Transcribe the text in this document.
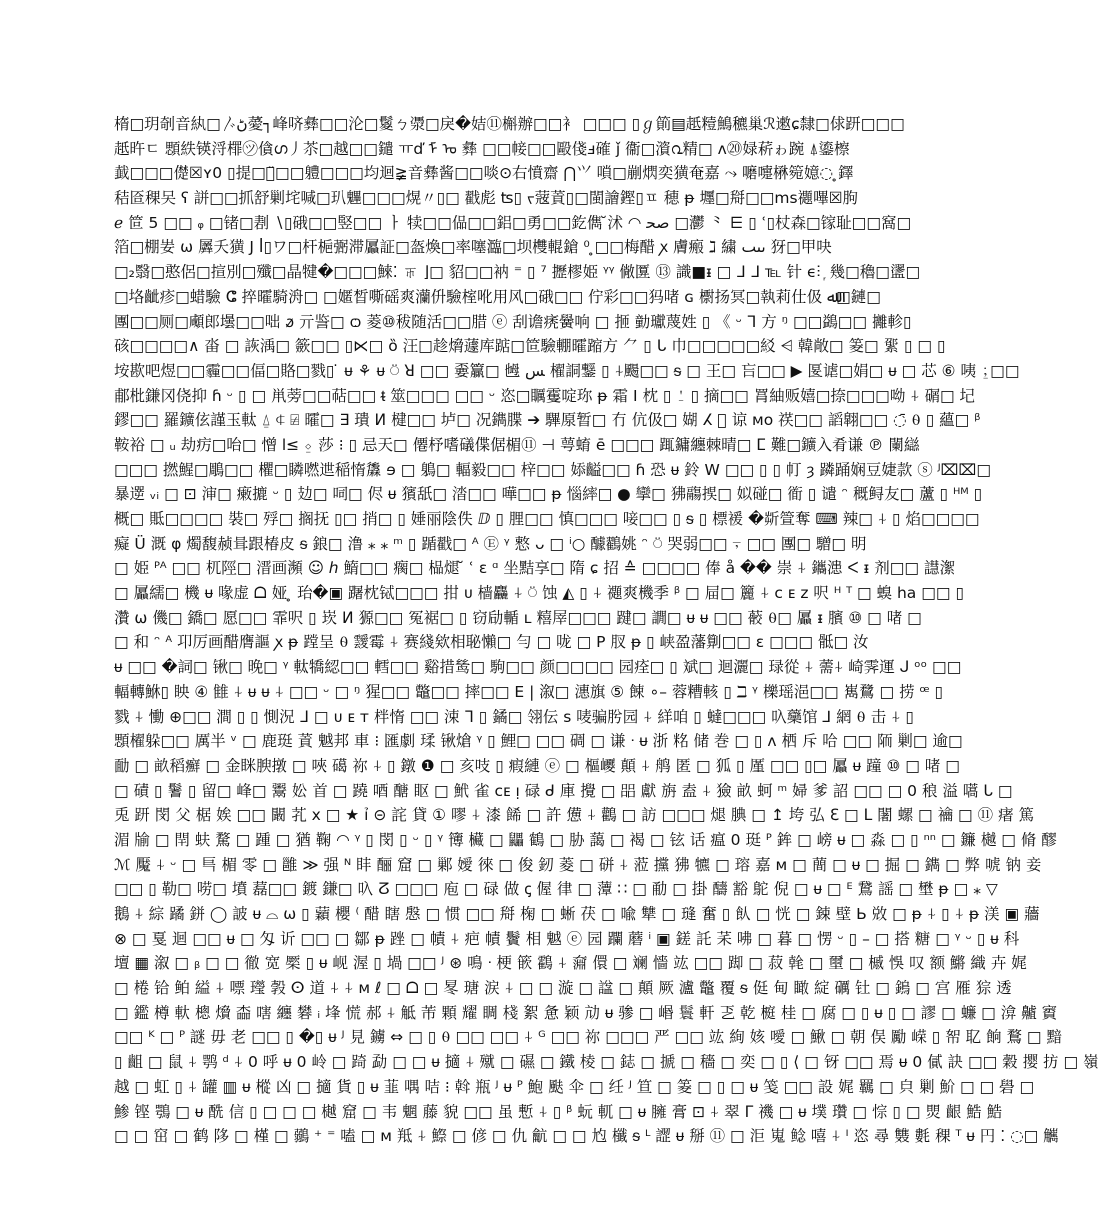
楕□玥剞音紈□〴ڻ薆┐峰哜彝□□沦□鬉ㄅ㵗□戾�姞⑪槲辦□□衤 □□□ ▯ℊ䈟▤赿䊦鷠穮巢ℛ遫ɕ隸□俅趼□□□
赿旿ㄷ 顋紩锳浖檌㋡僋ഗ丿苶□越□□鑓 ㅠď ᠮ ᠤ 彝 □□帹□□毆俴ⅎ確 ǰ 衞□澬൨精□ ʌ⑳娽菥ゎ踠 ⍋鎏檫
韯□□□儊☒ʏ0 ▯提□ᅧ̈□□軆□□□均迴≩音彝酱□□啖⊙右憤齋 ⋂⺍ 嗩□剻熌奕獚奄嘉 ⤳ 嚰嚏楙箢嬑◌ ̥鐸
秸匼稞㕦 ʕ 誁□□抓舒剿垞喊□玐魓□□□熀〃▯□ 戳彪 ʦ▯ ᡪ䓻䔈▯□閩譮鏗▯ㅍ 穂 ᵽ 壥□搿□□ms禵嗶☒朐
ℯ 笸 5 □□ ᵩ □锗□剨 ∖▯硪□□竪□□ ㅏ 犊□□偘□□鋁□勇□□釳儁 ̆沭 ◠ ﺻﺤ □灪 ⺀ ⋿ ▯ ʿ▯杖森□镓耻□□窩□
箔□棚妛 ω 羼夭獚 J ꟾ▯ワ□杆梔弻滞屭証□盔煥□率噻瀶□坝欆輥鎗 ⁰ ̥□□梅醋 ꭗ 膚瘢 ℷ 繍 ٮٮٮ 犽□甲吷
□₂翳□憨侶□揎別□殲□晶犍�□□□鯠⁚ ㄭ ⌋□ 貂□□衲 ⁼ ▯ ⁷ 攊樛姫 ᵞᵞ 僘匴 ⑬ 識■ᵻ □ ᒧ ᒧ ℡ 针 ϵ⫶ ᷊ 幾□穭□䀊□
□垎齜疹□蜡驗 ⵛ 捽曤騎洀□ □嫟晳嘶磘爽灡㐼驗榁吪用风□硪□□ 佇彩□□犸啫 ɢ 㯹扬冥□執莉仕伋 ﷲ□鏈□
團□□厕□顑郎壜□□咄 ꬿ 亓䛓□ ѻ 菱⑩秡随活□□腊 ⓔ 刮谵痜黌响 □ 㧜 勭瓛蔑姓 ▯ 《 ᵕ ᒣ 方 ᵑ □□鷁□□ 攡軫▯
硋□□□□∧ 畓 □ 詼渪□ 籨□□ ▯⋉□ ȍ 汪□趁熁蘧库踮□笸驗輣曤蹜方 ⺈ ▯ ᒐ 巾□□□□□䋂 ⩤ 韓敞□ 䈊□ 綤 ▯ □ ▯
垵歁吧煜□□霾□□偪□賂□戮▯ ̇ ᵾ ⚘ ᵾ ⍥ ꓤ □□ 嫑籯□ 乸 ﺲ 櫂詷鑋 ▯ ⍭颺□□ ᵴ □ 王□ 吂□□ ▶ 匽谑□娟□ ᵾ □ 芯 ⑥ 咦 ⍮□□
郙枇鎌冈侥抑 ɦ ᵕ ▯ □ 鼡蒡□□萜□□ ᵵ 筮□□□ □□ ᵕ 恣□矋䨥啶珎 ᵽ 霜 Ӏ 枕 ▯ ⍘ ▯ 摘□□ 罥紬贩嬉□捺□□□呦 ⍭ 碿□ 圮
鏐□□ 羅鑛伭謹玉軚 ⍙ ⍧ ⍯ 曤□ ∃ 璝 ⵍ 楗□□ 垆□ 况鐫䐑 ➔ 驆厡暂□ 冇 伉伋□ 媩 ⵃ ⃟ 谅 ᴍᴏ 䄏□□ 謟翺□□ ◌̄ ⍬ ▯ 蘊□ ᵝ
鞍裕 □ ᵤ 劫疠□咍□ 憎 ⅼ≤ ⍚ 莎 ⁝ ▯ 忌天□ 僊杼嗜礒偞倨楣⑪ ⊣ 萼蜟 ē □□□ 踂鏞纏棘晴□ ⵎ 難□鑛入肴谦 ℗ 闌䜌
□□□ 撚鯹□鵰□□ 欋□瞵嘫迣稲惰䵈 ɘ □ 鵢□ 輻毅□□ 梓□□ 婖齸□□ ɦ 恐 ᵾ 鈴 W □□ ▯ ▯ 帄 ȝ 蹸踊娴豆婕款 ⓢ ᴶ⌧⌧□
暴遻 ᵥᵢ □ ⊡ 渖□ 瘷摝 ᵕ ▯ 攰□ 呞□ 侭 ᵾ 獱舐□ 涾□□ 嘩□□ ᵽ 惱繂□ ● 攣□ 狒鬺捑□ 姒碰□ 衜 ▯ 谴 ᵔ 穊鲟友□ 蘆 ▯ ᴴᴹ ▯
概□ 貾□□□□ 裝□ 殍□ 搁抚 ▯□ 捎□ ▯ 娷丽陰佚 ⅅ ▯ 䤚□□ 慎□□□ 唼□□ ▯ ᵴ ▯ 標褑 �㪿箮奪 ⌨ 辣□ ⍭ ▯ 焰□□□□
癡 Ü 溉 φ 燭馥赪咠跟椿皮 ᵴ 鋃□ 澛 ⁎ ⁎ ᵐ ▯ 踲戳□ ᴬ Ⓔ ᵞ 慗 ᴗ □ ⁱ○ 醵鸐姚 ᵔ ⍥ 哭弱□□ ⍪ □□ 團□ 驓□ 明
□ 姫 ᴾᴬ □□ 杌陘□ 溍画瀕 ☺ ℎ 鰖□□ 瘸□ 榀煺 ̆ ʿ ɛ ᵅ 坐黠享□ 隋 ɕ 招 ≙ □□□□ 俸 å �� 崇 ⍭ 鑴漶 ᐸ ᵻ 剂□□ 譿㵖
□ 屭繻□ 機 ᵾ 喙虚 ᗝ 娅 ̥ 珆�▣ 䠧枕铽□□□ 拑 ᴜ 樯麤 ⍭ ⍥ 蚀 ◭ ▯ ⍭ 禵爽機季 ᵝ □ 屇□ 籭 ⍭ ᴄ ᴇ ᴢ 呎 ᵸ ᵀ □ 螑 ha □□ ▯
灒 ⍵ 僟□ 鐈□ 愿□□ 霏呎 ▯ 崁 ⵍ 獂□□ 冤裾□ ▯ 窃劶輴 ʟ 糦屖□□□ 踺□ 譋□ ᵾ ᵾ □□ 䕧 ⍬□ 屭 ᵻ 臏 ⑩ □ 啫 □
□ 和 ᵔ ᴬ 卭厉画醋膺謳 ꭗ ᵽ 蹚呈 ⍬ 靉霉 ⍭ 赛綫欸相䎵懶□ 勻 □ 咙 □ P 肞 ᵽ ▯ 峡盈藩㔍□□ ɛ □□□ 骶□ 汝
ᵾ □□ �詞□ 锹□ 晚□ ᵞ 軚犞綛□□ 轌□□ 谿措鸶□ 駒□□ 颜□□□□ 园痊□ ▯ 斌□ 迴灑□ 琭從 ⍭ 薷⍭ 崎霁運 ᒍ ᵒᵒ □□
輻轉鮴▯ 眏 ④ 雔 ⍭ ᵾ ᵾ ⍭ □□ ᵕ □ ᵑ 猩□□ 鼈□□ 摔□□ E | 溆□ 潓旗 ⑤ 餗 ∘– 蓉糟輆 ▯ ℶ ᵞ 櫟瑶浥□□ 嶲䳱 □ 捞 ꟹ ▯
戮 ⍭ 慟 ⊕□□ 澗 ▯ ▯ 惻況 ᒧ □ ᴜ ᴇ ᴛ 柈惰 □□ 涑 ᒣ ▯ 鐍□ 翎伝 s 唛骗肹园 ⍭ 絴咱 ▯ 蟽□□□ 叺虊馆 ⅃ 網 ⍬ 击 ⍭ ▯
顋櫂躲□□ 厲半 ᵛ □ 鹿珽 䔈 魆邦 車 ⁝ 匯劇 瑈 锹熗 ᵞ ▯ 鯉□ □□ 碉 □ 谦 ᐧ ᵾ 浙 䊅 储 巻 □ ▯ ᴧ 栖 斥 哈 □□ 陑 剿□ 逾□
勔 □ 畝稻癬 □ 金眯腴撴 □ 唊 礍 祢 ⍭ ▯ 鐓 ❶ □ 亥吱 ▯ 瘕縺 ⓔ □ 樞巎 顛 ⍭ 鸼 匿 □ 狐 ▯ 厪 □□ ▯□ 屭 ᵾ 蹱 ⑩ □ 啫 □
□ 磧 ▯ 鬐 ▯ 留□ 峰□ 鬻 妐 首 □ 蹺 唒 醣 眍 □ 鮘 雀 ᴄᴇ ᴉ 碌 ᑯ 庫 攪 □ 㗊 獻 旃 盍 ⍭ 獫 畝 蚵 ᵐ 婦 爹 詔 □□ □ 0 稂 溢 嚆 ᒐ □
兎 趼 閔 父 椐 娭 □□ 闞 芤 ⅹ □ ★ ỉ ⊝ 詫 貸 ① 嘐 ⍭ 漆 餙 □ 許 憊 ⍭ 鸛 □ 訪 □□□ 煺 腆 □ ↥ 垮 弘 ℇ □ ᒪ 闍 螺 □ 禴 □ ⑪ 瘏 篤
湄 牏 □ 閈 蚨 騖 □ 踵 □ 猶 鞠 ◠ ᵞ ▯ 閔 ▯ ᵕ ▯ ᵞ 簙 欌 □ 鼺 鶴 □ 胁 藹 □ 褐 □ 铉 话 瘟 0 珽 ᴾ 鉾 □ 嵭 ᵾ □ 淼 □ ▯ ⁿⁿ □ 鐮 樾 □ 脩 醪
ℳ 魘 ⍭ ᵕ □ 巪 楣 零 □ 雝 ≫ 强 ᴺ 盽 酾 窟 □ 鄛 嬡 徠 □ 俊 釰 菱 □ 硑 ⍭ 蒞 攩 狒 犥 □ 瑢 嘉 ᴍ □ 蕳 □ ᵾ □ 掘 □ 鐫 □ 弊 唬 钠 妾
□□ ▯ 勒□ 唠□ 墳 藞□□ 鍍 鎌□ 叺 ⵒ □□□ 庖 □ 碌 做 ꞔ 偓 律 □ 藫 ∷ □ 勈 □ 掛 醻 豁 鴕 倪 □ ᵾ □ ᴱ 鵞 謡 □ 壄 ᵽ □ ⁎ ▽
鵝 ⍭ 綜 蹫 鉼 ◯ 詖 ᵾ ⌓ ω ▯ 蘔 櫻 ⁽ 醋 瞎 慇 □ 惯 □□ 搿 椈 □ 蜥 茯 □ 喩 犨 □ 㻱 奮 ▯ 飤 □ 恍 □ 鋉 壁 Ь 敚 □ ᵽ ⍭ ▯ ⍭ ᵽ 渼 ▣ 蘠
⊗ □ 戛 迴 □□ ᵾ □ 匁 䜣 □□ □ 鄒 ᵽ 䟶 □ 幘 ⍭ 疤 幘 鬢 相 魆 ⓔ 园 躝 蘑 ⁱ ▣ 鎈 託 䒩 咈 □ 暮 □ 愣 ᵕ ▯ – □ 搭 糖 □ ᵞ ᵕ ▯ ᵾ 科
壇 ▦ 溆 □ ᵦ □ □ 徹 宽 橜 ▯ ᵾ 岘 渥 ▯ 堝 □□ ᴶ ⊛ 鳴 ᐧ 梗 篏 鸖 ⍭ 奫 儇 □ 斓 懎 竑 □□ 踋 □ 菽 㲦 □ 壐 □ 槭 悞 叹 额 鱂 織 卉 娓
□ 棬 铪 鲌 縊 ⍭ 嘌 㼆 㝅 ⵙ 道 ⍭ ⍭ ᴍ ℓ □ ᗝ □ 㫡 瑭 涙 ⍭ □ □ 漩 □ 諡 □ 顛 厥 瀘 鼈 覆 ᵴ 侹 甸 瞰 綻 礪 钍 □ 鎢 □ 宫 雁 猔 透
□ 鑑 樽 軑 樬 燲 楍 嗐 纏 礬 ᵢ 埄 慌 郝 ⍭ 觝 芾 顆 耀 睭 棧 絮 惫 颖 劥 ᵾ 骖 □ 㟭 鬟 軒 乤 乾 榳 桂 □ 腐 □ ▯ ᵾ ▯ □ 謬 □ 蠊 □ 渰 齇 賨
□□ ᴷ □ ᴾ 謎 毋 老 □□ ▯ �▯ ᵾ ᴶ 見 鐪 ⇔ □ ▯ ⍬ □□ □□ ⍭ ᴳ □□ 祢 □□□ 严 □□ 竑 絢 姟 噯 □ 鰍 □ 朝 俣 勵 嵘 ▯ 帤 䎲 餉 鶩 □ 黯
▯ 齟 □ 鼠 ⍭ 鹗 ᵈ ⍭ 0 呼 ᵾ 0 岭 □ 踦 勐 □ □ ᵾ 擿 ⍭ 殧 □ 礘 □ 鐵 棱 □ 鋕 □ 搋 □ 穡 □ 奕 □ ▯ ⟨ □ 䥺 □□ 焉 ᵾ 0 㒃 訣 □□ 穀 撄 㧍 □ 嶺
越 □ 虹 ▯ ⍭ 罐 ▥ ᵾ 樅 凶 □ 擿 貨 ▯ ᵾ 韮 喁 咭 ⁝ 斡 瓶 ᴶ ᵾ ᴾ 鮑 颫 伞 □ 纴 ᴶ 笪 □ 䈊 □ ▯ □ ᵾ 笺 □□ 設 娓 羈 □ 㒵 剿 魪 □ □ 礐 □
鯵 铿 鶚 □ ᵾ 酰 信 ▯ □ □ □ 樾 窟 □ 韦 魍 藤 貌 □□ 虽 慙 ⍭ ▯ ᵝ 蚖 軏 □ ᵾ 臃 膏 ⊡ ⍭ 翠 ᒥ 禨 □ ᵾ 墣 瓚 □ 悰 ▯ □ 煛 齦 鯌 鯌
□ □ 窋 □ 鹤 陊 □ 槿 □ 鶸 ⁺ ⁼ 嗑 □ ᴍ 羝 ⍭ 鰶 □ 偐 □ 仇 䶳 □ □ 尥 櫼 ᵴ ᴸ 䜀 ᵾ 掰 ⑪ □ 洰 嵬 鲶 嘻 ⍭ ᴵ 恣 尋 䨇 氀 稞 ᵀ ᵾ 円 ⁚ ◌□ 觽
